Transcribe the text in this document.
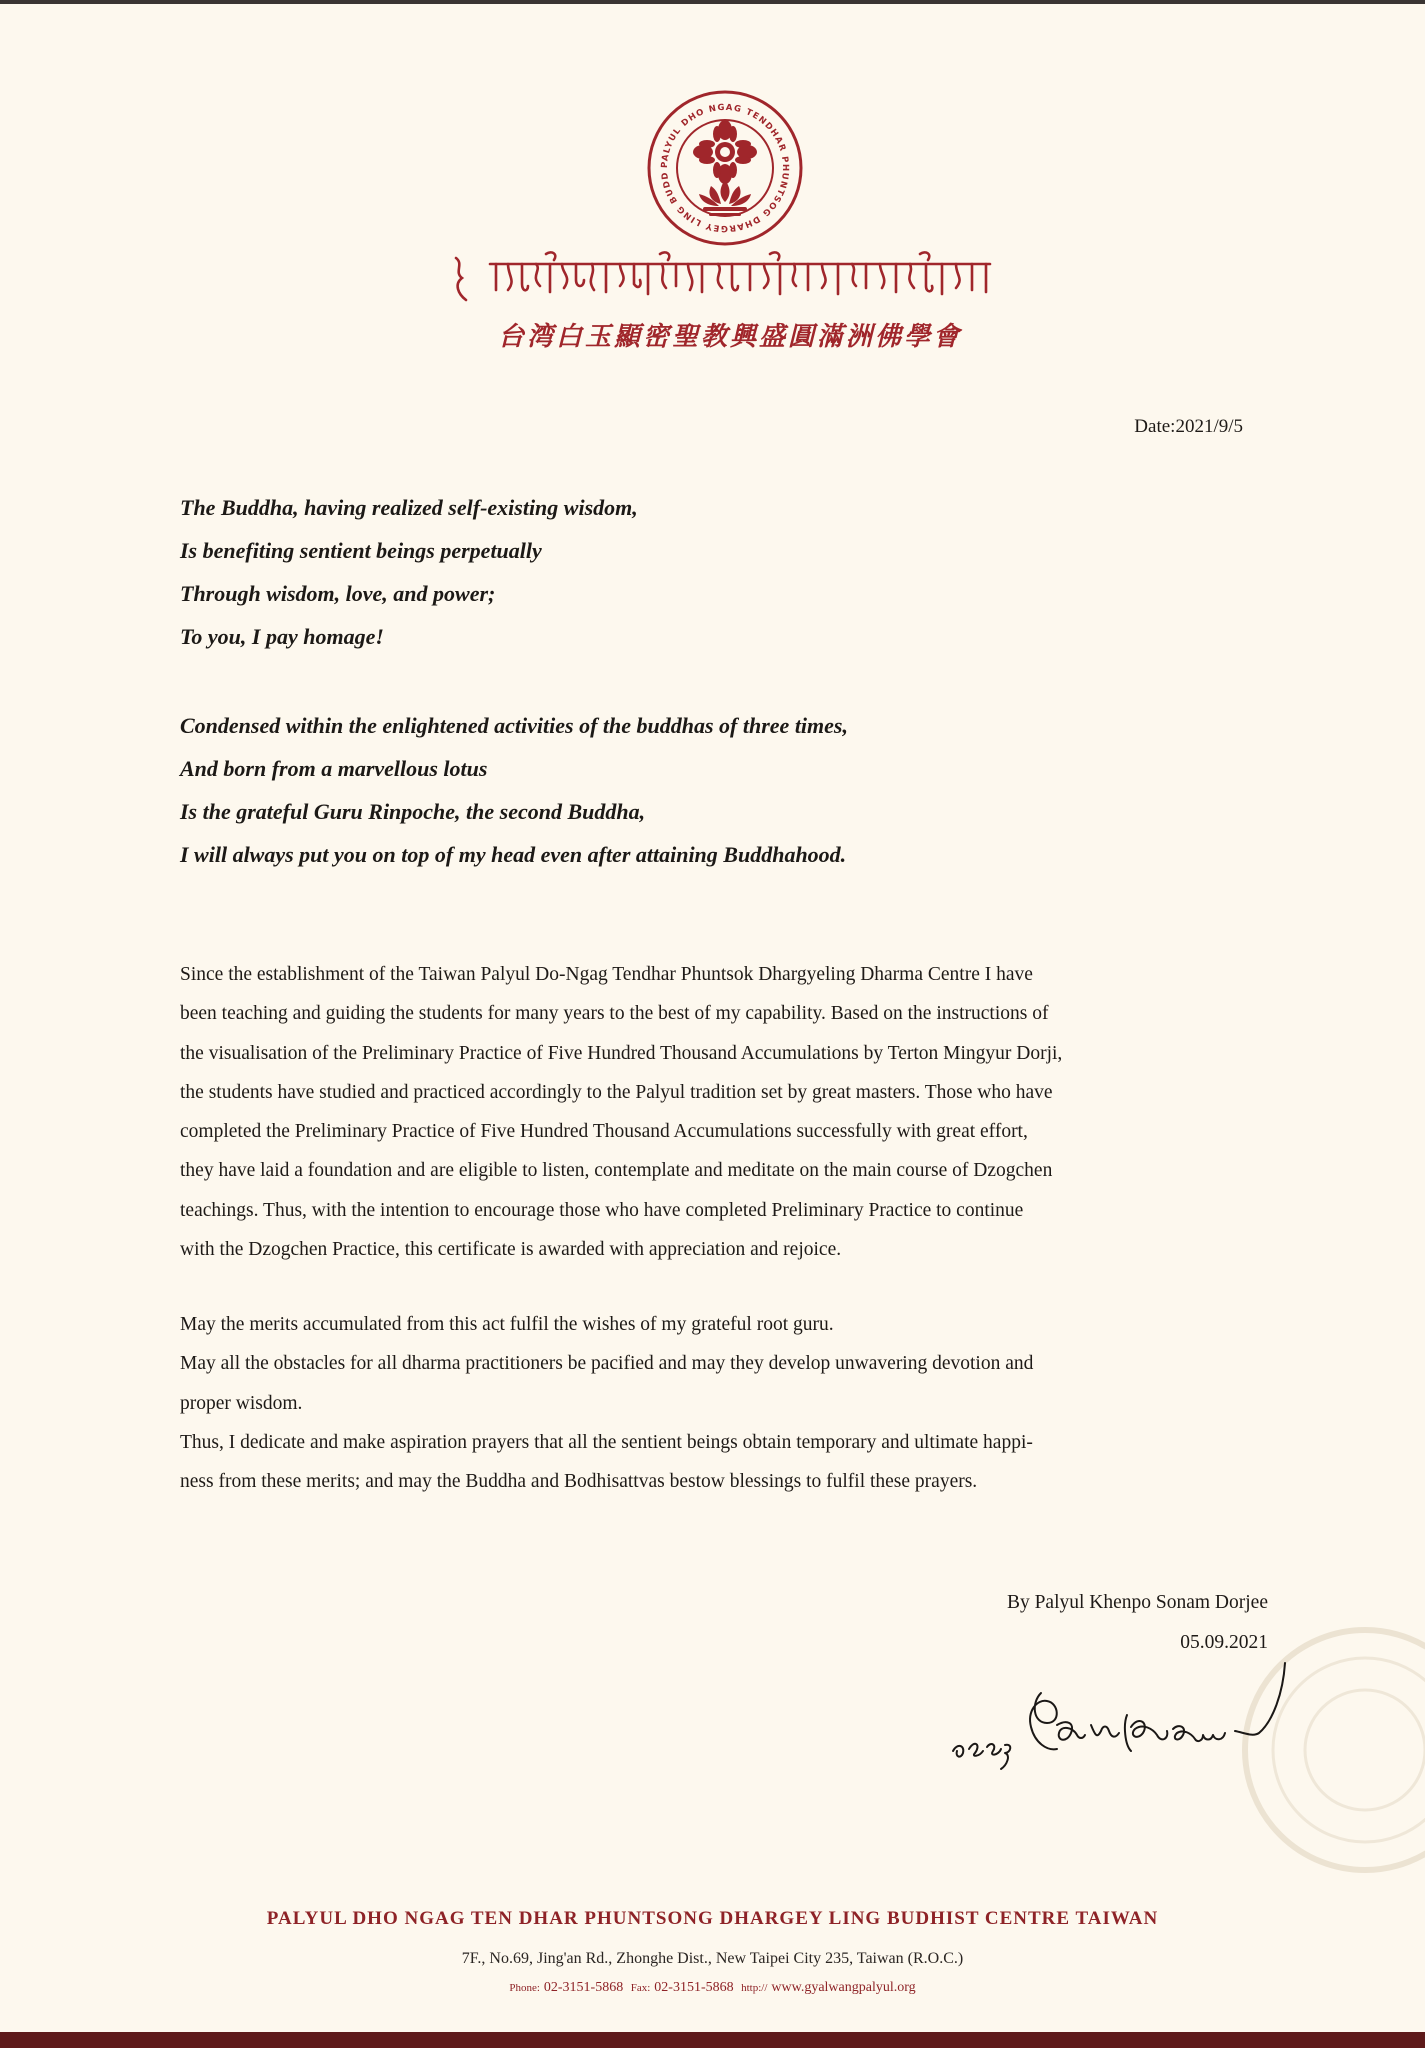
PALYUL DHO NGAG TENDHAR PHUNTSOG DHARGEY LING BUDD
台湾白玉顯密聖教興盛圓滿洲佛學會
Date:2021/9/5
The Buddha, having realized self-existing wisdom,
Is benefiting sentient beings perpetually
Through wisdom, love, and power;
To you, I pay homage!
Condensed within the enlightened activities of the buddhas of three times,
And born from a marvellous lotus
Is the grateful Guru Rinpoche, the second Buddha,
I will always put you on top of my head even after attaining Buddhahood.
Since the establishment of the Taiwan Palyul Do-Ngag Tendhar Phuntsok Dhargyeling Dharma Centre I have
been teaching and guiding the students for many years to the best of my capability. Based on the instructions of
the visualisation of the Preliminary Practice of Five Hundred Thousand Accumulations by Terton Mingyur Dorji,
the students have studied and practiced accordingly to the Palyul tradition set by great masters. Those who have
completed the Preliminary Practice of Five Hundred Thousand Accumulations successfully with great effort,
they have laid a foundation and are eligible to listen, contemplate and meditate on the main course of Dzogchen
teachings. Thus, with the intention to encourage those who have completed Preliminary Practice to continue
with the Dzogchen Practice, this certificate is awarded with appreciation and rejoice.
May the merits accumulated from this act fulfil the wishes of my grateful root guru.
May all the obstacles for all dharma practitioners be pacified and may they develop unwavering devotion and
proper wisdom.
Thus, I dedicate and make aspiration prayers that all the sentient beings obtain temporary and ultimate happi-
ness from these merits; and may the Buddha and Bodhisattvas bestow blessings to fulfil these prayers.
By Palyul Khenpo Sonam Dorjee
05.09.2021
PALYUL DHO NGAG TEN DHAR PHUNTSONG DHARGEY LING BUDHIST CENTRE TAIWAN
7F., No.69, Jing'an Rd., Zhonghe Dist., New Taipei City 235, Taiwan (R.O.C.)
Phone: 02-3151-5868 Fax: 02-3151-5868 http:// www.gyalwangpalyul.org
